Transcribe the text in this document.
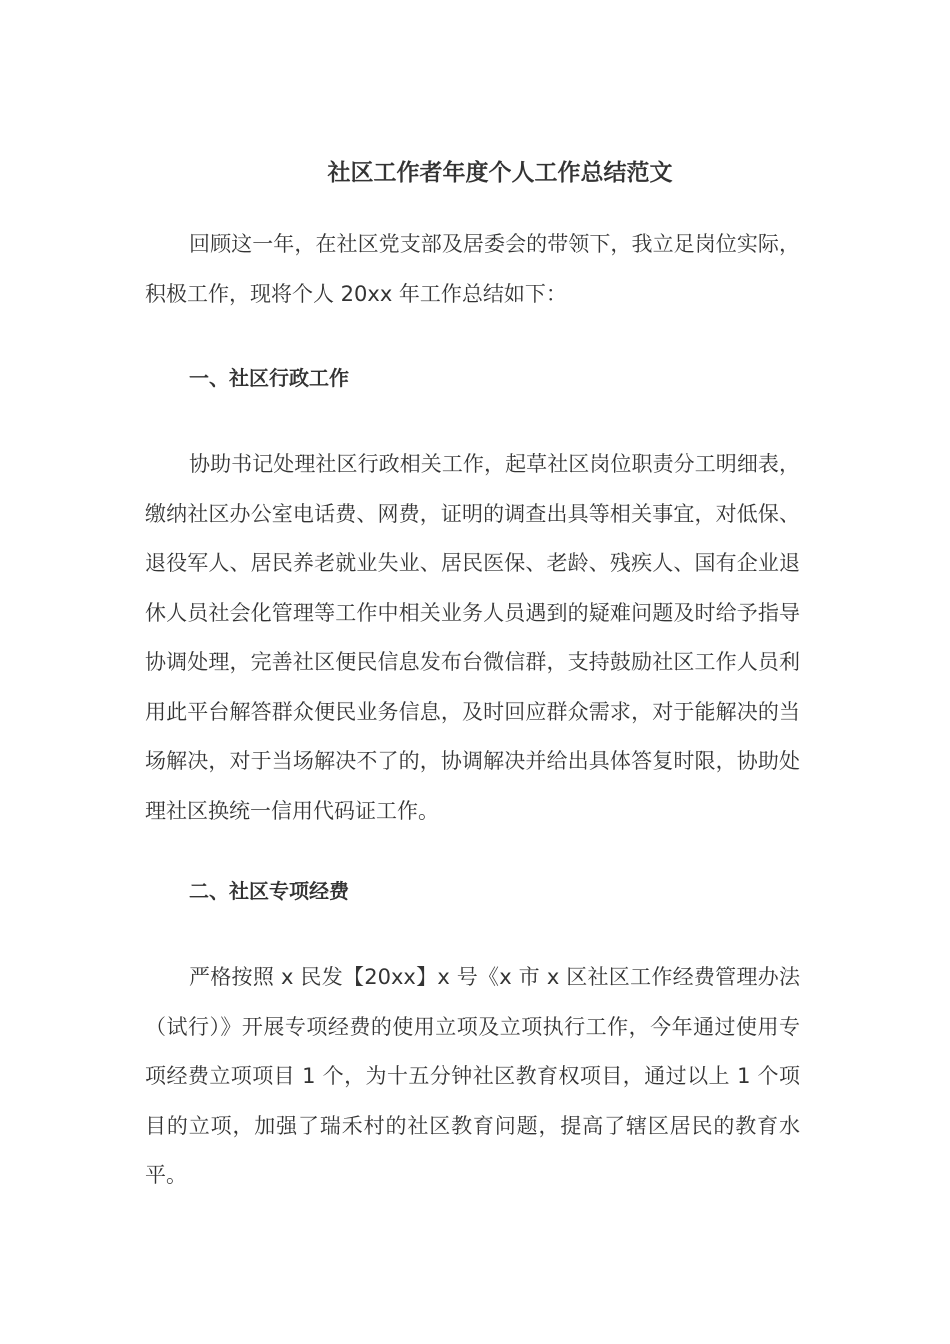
社区工作者年度个人工作总结范文

回顾这一年，在社区党支部及居委会的带领下，我立足岗位实际，积极工作，现将个人 20xx 年工作总结如下：

一、社区行政工作

协助书记处理社区行政相关工作，起草社区岗位职责分工明细表，缴纳社区办公室电话费、网费，证明的调查出具等相关事宜，对低保、退役军人、居民养老就业失业、居民医保、老龄、残疾人、国有企业退休人员社会化管理等工作中相关业务人员遇到的疑难问题及时给予指导协调处理，完善社区便民信息发布台微信群，支持鼓励社区工作人员利用此平台解答群众便民业务信息，及时回应群众需求，对于能解决的当场解决，对于当场解决不了的，协调解决并给出具体答复时限，协助处理社区换统一信用代码证工作。

二、社区专项经费

严格按照 x 民发【20xx】x 号《x 市 x 区社区工作经费管理办法（试行）》开展专项经费的使用立项及立项执行工作，今年通过使用专项经费立项项目 1 个，为十五分钟社区教育权项目，通过以上 1 个项目的立项，加强了瑞禾村的社区教育问题，提高了辖区居民的教育水平。
